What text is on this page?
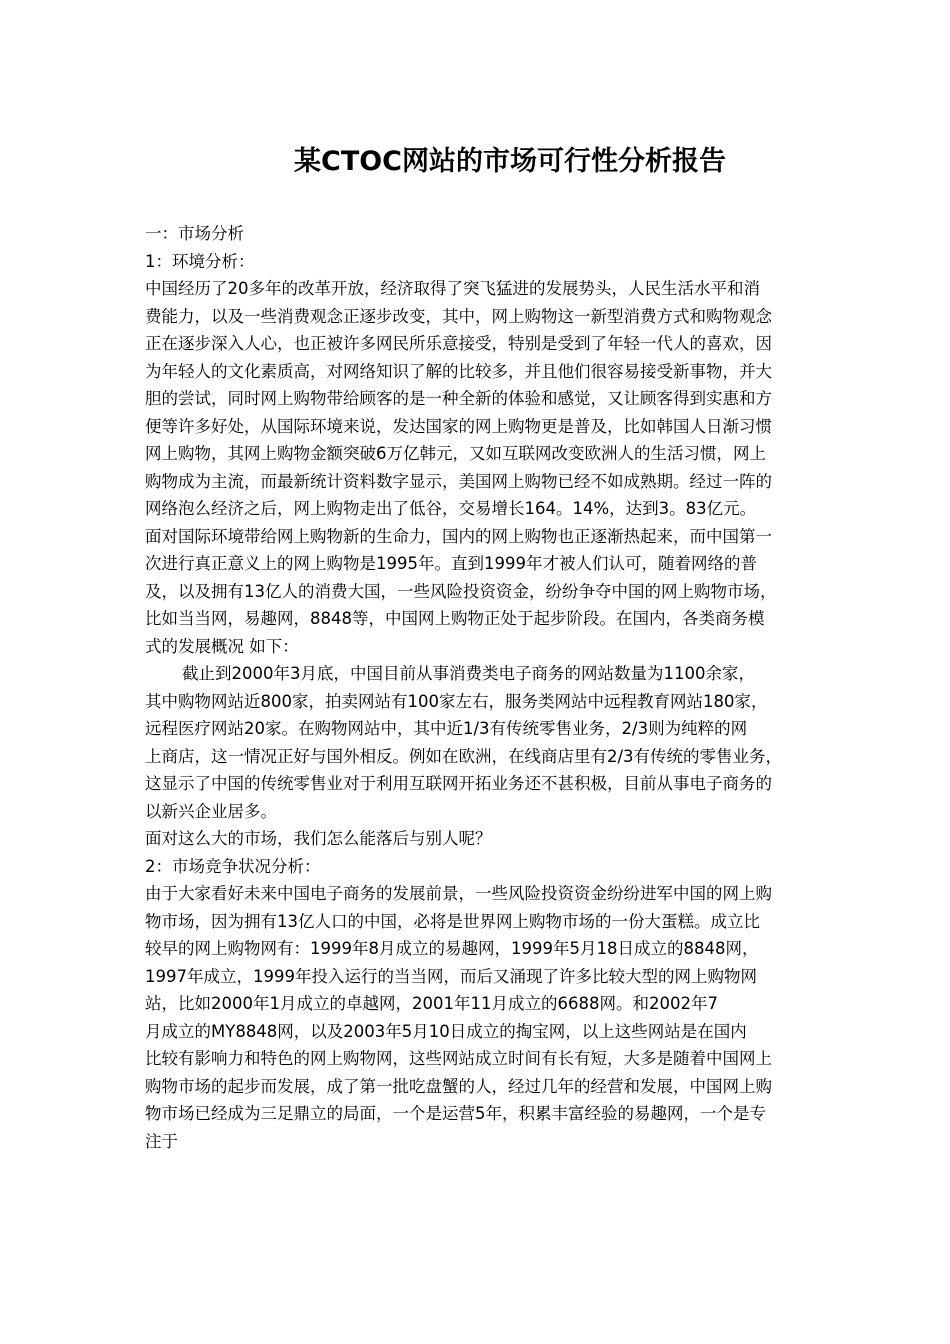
某CTOC网站的市场可行性分析报告

一：市场分析

1：环境分析：

中国经历了20多年的改革开放，经济取得了突飞猛进的发展势头，人民生活水平和消

费能力，以及一些消费观念正逐步改变，其中，网上购物这一新型消费方式和购物观念

正在逐步深入人心，也正被许多网民所乐意接受，特别是受到了年轻一代人的喜欢，因

为年轻人的文化素质高，对网络知识了解的比较多，并且他们很容易接受新事物，并大

胆的尝试，同时网上购物带给顾客的是一种全新的体验和感觉，又让顾客得到实惠和方

便等许多好处，从国际环境来说，发达国家的网上购物更是普及，比如韩国人日渐习惯

网上购物，其网上购物金额突破6万亿韩元，又如互联网改变欧洲人的生活习惯，网上

购物成为主流，而最新统计资料数字显示，美国网上购物已经不如成熟期。经过一阵的

网络泡么经济之后，网上购物走出了低谷，交易增长164。14%，达到3。83亿元。

面对国际环境带给网上购物新的生命力，国内的网上购物也正逐渐热起来，而中国第一

次进行真正意义上的网上购物是1995年。直到1999年才被人们认可，随着网络的普

及，以及拥有13亿人的消费大国，一些风险投资资金，纷纷争夺中国的网上购物市场，

比如当当网，易趣网，8848等，中国网上购物正处于起步阶段。在国内，各类商务模

式的发展概况 如下：

截止到2000年3月底，中国目前从事消费类电子商务的网站数量为1100余家，

其中购物网站近800家，拍卖网站有100家左右，服务类网站中远程教育网站180家，

远程医疗网站20家。在购物网站中，其中近1/3有传统零售业务，2/3则为纯粹的网

上商店，这一情况正好与国外相反。例如在欧洲，在线商店里有2/3有传统的零售业务，

这显示了中国的传统零售业对于利用互联网开拓业务还不甚积极，目前从事电子商务的

以新兴企业居多。

面对这么大的市场，我们怎么能落后与别人呢？

2：市场竞争状况分析：

由于大家看好未来中国电子商务的发展前景，一些风险投资资金纷纷进军中国的网上购

物市场，因为拥有13亿人口的中国，必将是世界网上购物市场的一份大蛋糕。成立比

较早的网上购物网有：1999年8月成立的易趣网，1999年5月18日成立的8848网，

1997年成立，1999年投入运行的当当网，而后又涌现了许多比较大型的网上购物网

站，比如2000年1月成立的卓越网，2001年11月成立的6688网。和2002年7

月成立的MY8848网，以及2003年5月10日成立的掏宝网，以上这些网站是在国内

比较有影响力和特色的网上购物网，这些网站成立时间有长有短，大多是随着中国网上

购物市场的起步而发展，成了第一批吃盘蟹的人，经过几年的经营和发展，中国网上购

物市场已经成为三足鼎立的局面，一个是运营5年，积累丰富经验的易趣网，一个是专

注于
